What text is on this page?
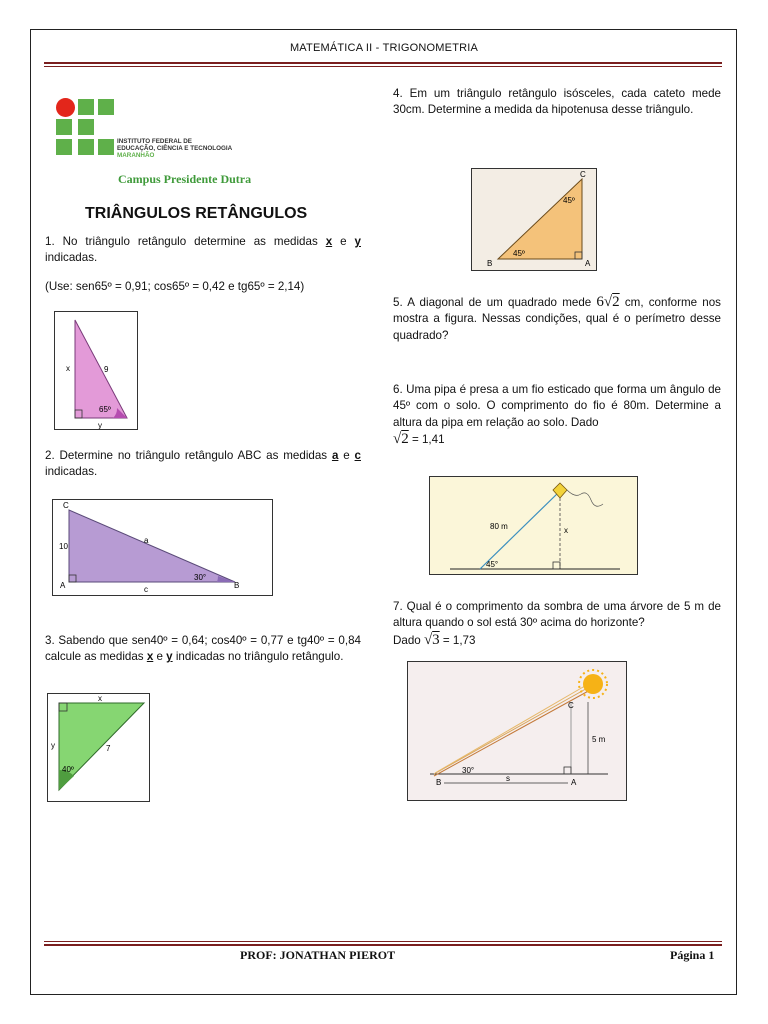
MATEMÁTICA II - TRIGONOMETRIA
INSTITUTO FEDERAL DE
EDUCAÇÃO, CIÊNCIA E TECNOLOGIA
MARANHÃO
Campus Presidente Dutra
TRIÂNGULOS RETÂNGULOS

1. No triângulo retângulo determine as medidas x e y indicadas.

(Use: sen65º = 0,91; cos65º = 0,42 e tg65º = 2,14)

x	9
65º
y

2. Determine no triângulo retângulo ABC as medidas a e c indicadas.

C
10
a
30°
A	c	B

3. Sabendo que sen40º = 0,64; cos40º = 0,77 e tg40º = 0,84 calcule as medidas x e y indicadas no triângulo retângulo.

x
y	7
40º

4. Em um triângulo retângulo isósceles, cada cateto mede 30cm. Determine a medida da hipotenusa desse triângulo.

C
45º
45º
B	A

5. A diagonal de um quadrado mede 6√2 cm, conforme nos mostra a figura. Nessas condições, qual é o perímetro desse quadrado?

6. Uma pipa é presa a um fio esticado que forma um ângulo de 45º com o solo. O comprimento do fio é 80m. Determine a altura da pipa em relação ao solo. Dado
√2 = 1,41

80 m	x
45°

7. Qual é o comprimento da sombra de uma árvore de 5 m de altura quando o sol está 30º acima do horizonte?
Dado √3 = 1,73

C
5 m
30°
B	s	A
PROF: JONATHAN PIEROT	Página 1
